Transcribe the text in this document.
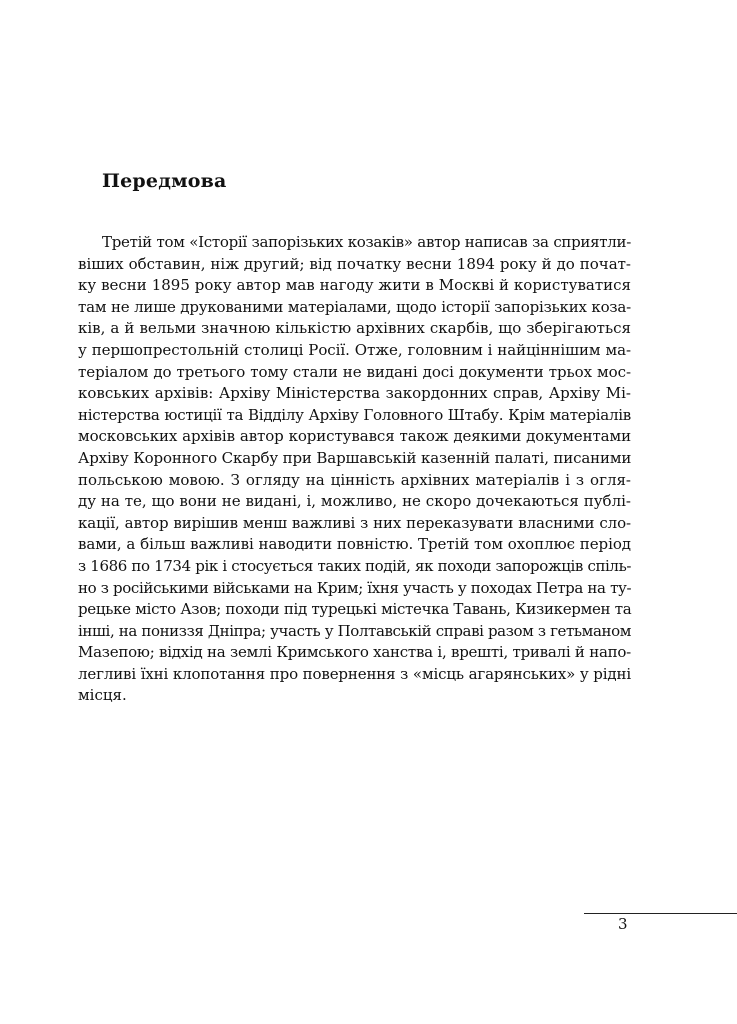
Передмова
Третій том «Історії запорізьких козаків» автор написав за сприятли-
віших обставин, ніж другий; від початку весни 1894 року й до почат-
ку весни 1895 року автор мав нагоду жити в Москві й користуватися
там не лише друкованими матеріалами, щодо історії запорізьких коза-
ків, а й вельми значною кількістю архівних скарбів, що зберігаються
у першопрестольній столиці Росії. Отже, головним і найціннішим ма-
теріалом до третього тому стали не видані досі документи трьох мос-
ковських архівів: Архіву Міністерства закордонних справ, Архіву Мі-
ністерства юстиції та Відділу Архіву Головного Штабу. Крім матеріалів
московських архівів автор користувався також деякими документами
Архіву Коронного Скарбу при Варшавській казенній палаті, писаними
польською мовою. З огляду на цінність архівних матеріалів і з огля-
ду на те, що вони не видані, і, можливо, не скоро дочекаються публі-
кації, автор вирішив менш важливі з них переказувати власними сло-
вами, а більш важливі наводити повністю. Третій том охоплює період
з 1686 по 1734 рік і стосується таких подій, як походи запорожців спіль-
но з російськими військами на Крим; їхня участь у походах Петра на ту-
рецьке місто Азов; походи під турецькі містечка Тавань, Кизикермен та
інші, на пониззя Дніпра; участь у Полтавській справі разом з гетьманом
Мазепою; відхід на землі Кримського ханства і, врешті, тривалі й напо-
легливі їхні клопотання про повернення з «місць агарянських» у рідні
місця.
3
